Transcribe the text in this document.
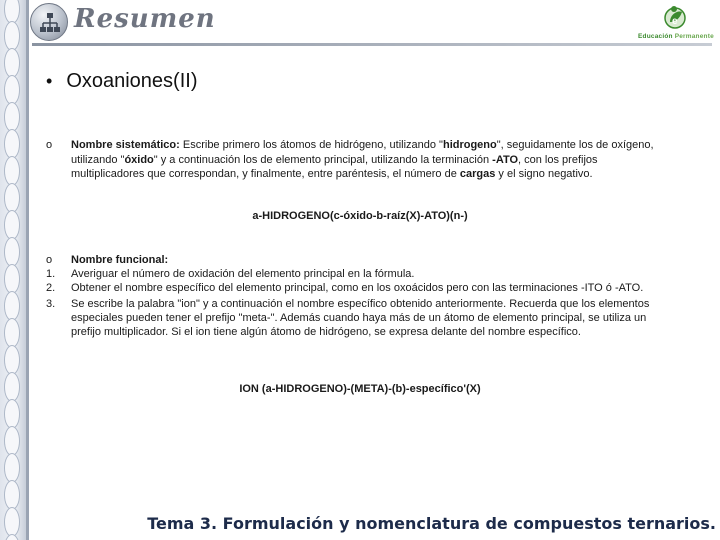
Resumen	e
Educación Permanente
• Oxoaniones(II)
o Nombre sistemático: Escribe primero los átomos de hidrógeno, utilizando "hidrogeno", seguidamente los de oxígeno, utilizando "óxido" y a continuación los de elemento principal, utilizando la terminación -ATO, con los prefijos multiplicadores que correspondan, y finalmente, entre paréntesis, el número de cargas y el signo negativo.
a-HIDROGENO(c-óxido-b-raíz(X)-ATO)(n-)
o	Nombre funcional:
1.	Averiguar el número de oxidación del elemento principal en la fórmula.
2.	Obtener el nombre específico del elemento principal, como en los oxoácidos pero con las terminaciones -ITO ó -ATO.
3.	Se escribe la palabra "ion" y a continuación el nombre específico obtenido anteriormente. Recuerda que los elementos especiales pueden tener el prefijo "meta-". Además cuando haya más de un átomo de elemento principal, se utiliza un prefijo multiplicador. Si el ion tiene algún átomo de hidrógeno, se expresa delante del nombre específico.
ION (a-HIDROGENO)-(META)-(b)-específico'(X)
Tema 3. Formulación y nomenclatura de compuestos ternarios.
